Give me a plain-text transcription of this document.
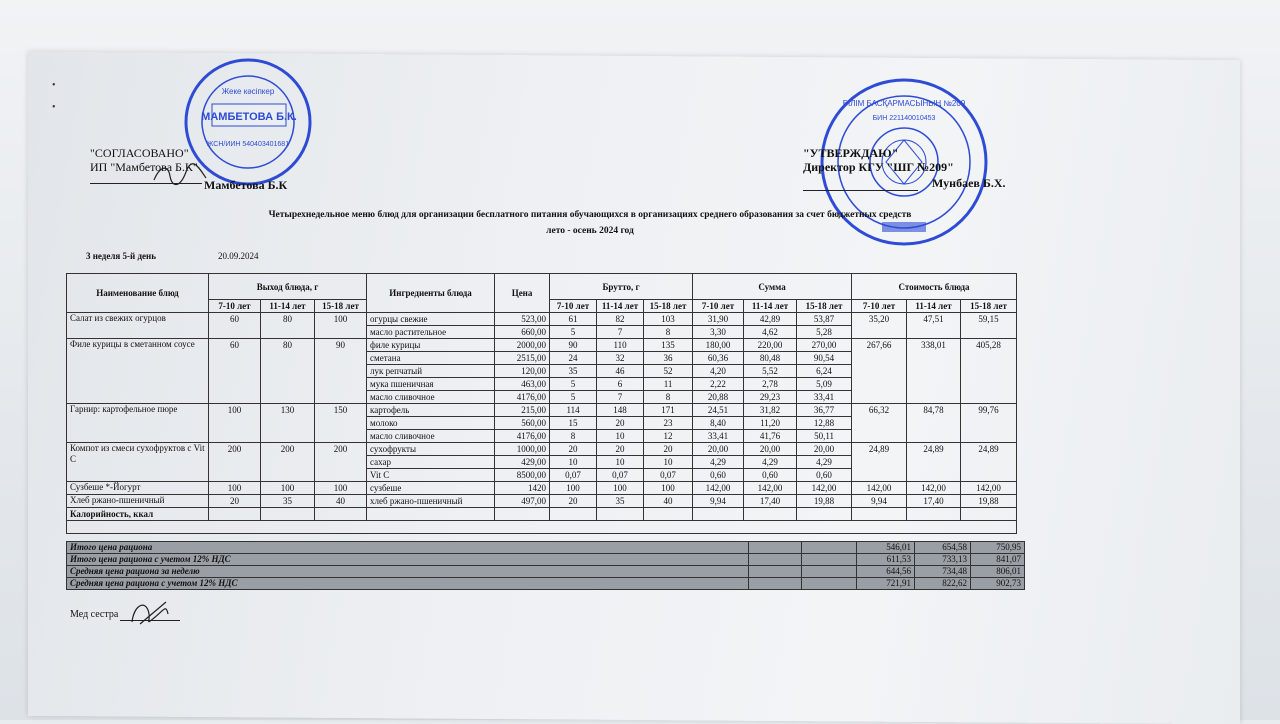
•
•
МАМБЕТОВА Б.К.
Жеке кәсіпкер
ЖСН/ИИН 540403401681
БІЛІМ БАСҚАРМАСЫНЫҢ №209
БИН 221140010453
"СОГЛАСОВАНО"
ИП "Мамбетова Б.К"
Мамбетова Б.К
"УТВЕРЖДАЮ"
Директор КГУ "ШГ №209"
Мунбаев Б.Х.
Четырехнедельное меню блюд для организации бесплатного питания обучающихся в организациях среднего образования за счет бюджетных средств
лето - осень 2024 год
3 неделя 5-й день	20.09.2024
Наименование блюд	Выход блюда, г			Ингредиенты блюда	Цена	Брутто, г			Сумма			Стоимость блюда		
	7-10 лет	11-14 лет	15-18 лет			7-10 лет	11-14 лет	15-18 лет	7-10 лет	11-14 лет	15-18 лет	7-10 лет	11-14 лет	15-18 лет
Салат из свежих огурцов	60	80	100	огурцы свежие	523,00	61	82	103	31,90	42,89	53,87	35,20	47,51	59,15
				масло растительное	660,00	5	7	8	3,30	4,62	5,28			
Филе курицы в сметанном соусе	60	80	90	филе курицы	2000,00	90	110	135	180,00	220,00	270,00	267,66	338,01	405,28
				сметана	2515,00	24	32	36	60,36	80,48	90,54			
				лук репчатый	120,00	35	46	52	4,20	5,52	6,24			
				мука пшеничная	463,00	5	6	11	2,22	2,78	5,09			
				масло сливочное	4176,00	5	7	8	20,88	29,23	33,41			
Гарнир: картофельное пюре	100	130	150	картофель	215,00	114	148	171	24,51	31,82	36,77	66,32	84,78	99,76
				молоко	560,00	15	20	23	8,40	11,20	12,88			
				масло сливочное	4176,00	8	10	12	33,41	41,76	50,11			
Компот из смеси сухофруктов с Vit C	200	200	200	сухофрукты	1000,00	20	20	20	20,00	20,00	20,00	24,89	24,89	24,89
				сахар	429,00	10	10	10	4,29	4,29	4,29			
				Vit C	8500,00	0,07	0,07	0,07	0,60	0,60	0,60			
Сузбеше *-Йогурт	100	100	100	сузбеше	1420	100	100	100	142,00	142,00	142,00	142,00	142,00	142,00
Хлеб ржано-пшеничный	20	35	40	хлеб ржано-пшеничный	497,00	20	35	40	9,94	17,40	19,88	9,94	17,40	19,88
Калорийность, ккал														

Итого цена рациона			546,01	654,58	750,95
Итого цена рациона с учетом 12% НДС			611,53	733,13	841,07
Средняя цена рациона за неделю			644,56	734,48	806,01
Средняя цена рациона с учетом 12% НДС			721,91	822,62	902,73
Мед сестра
